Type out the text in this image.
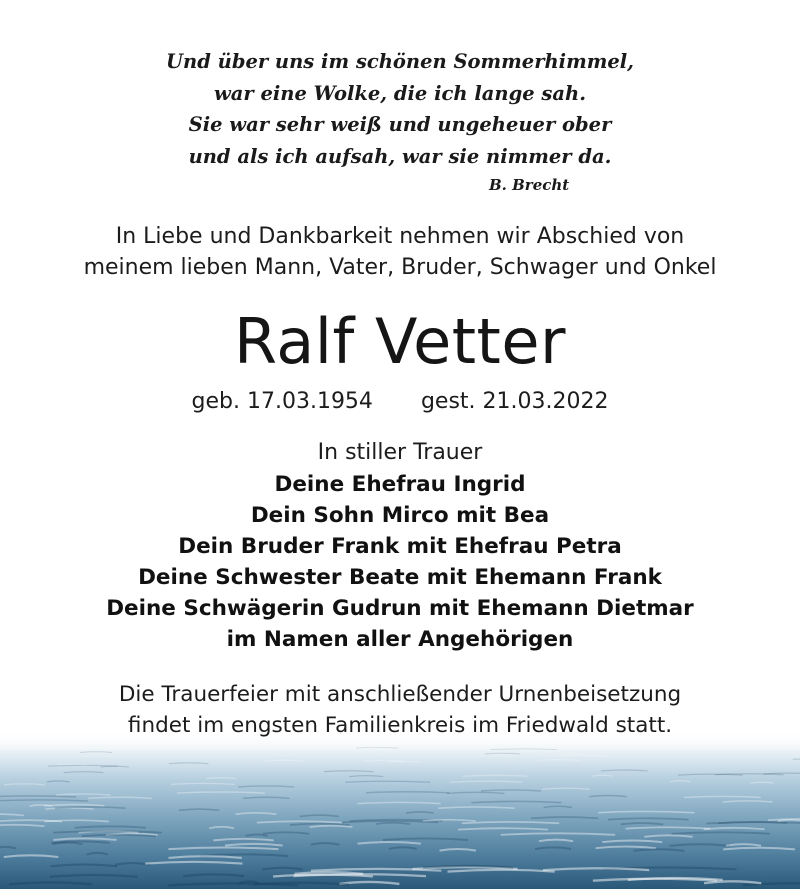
Und über uns im schönen Sommerhimmel,
war eine Wolke, die ich lange sah.
Sie war sehr weiß und ungeheuer ober
und als ich aufsah, war sie nimmer da.
B. Brecht
In Liebe und Dankbarkeit nehmen wir Abschied von
meinem lieben Mann, Vater, Bruder, Schwager und Onkel
Ralf Vetter
geb. 17.03.1954 gest. 21.03.2022
In stiller Trauer
Deine Ehefrau Ingrid
Dein Sohn Mirco mit Bea
Dein Bruder Frank mit Ehefrau Petra
Deine Schwester Beate mit Ehemann Frank
Deine Schwägerin Gudrun mit Ehemann Dietmar
im Namen aller Angehörigen
Die Trauerfeier mit anschließender Urnenbeisetzung
findet im engsten Familienkreis im Friedwald statt.
